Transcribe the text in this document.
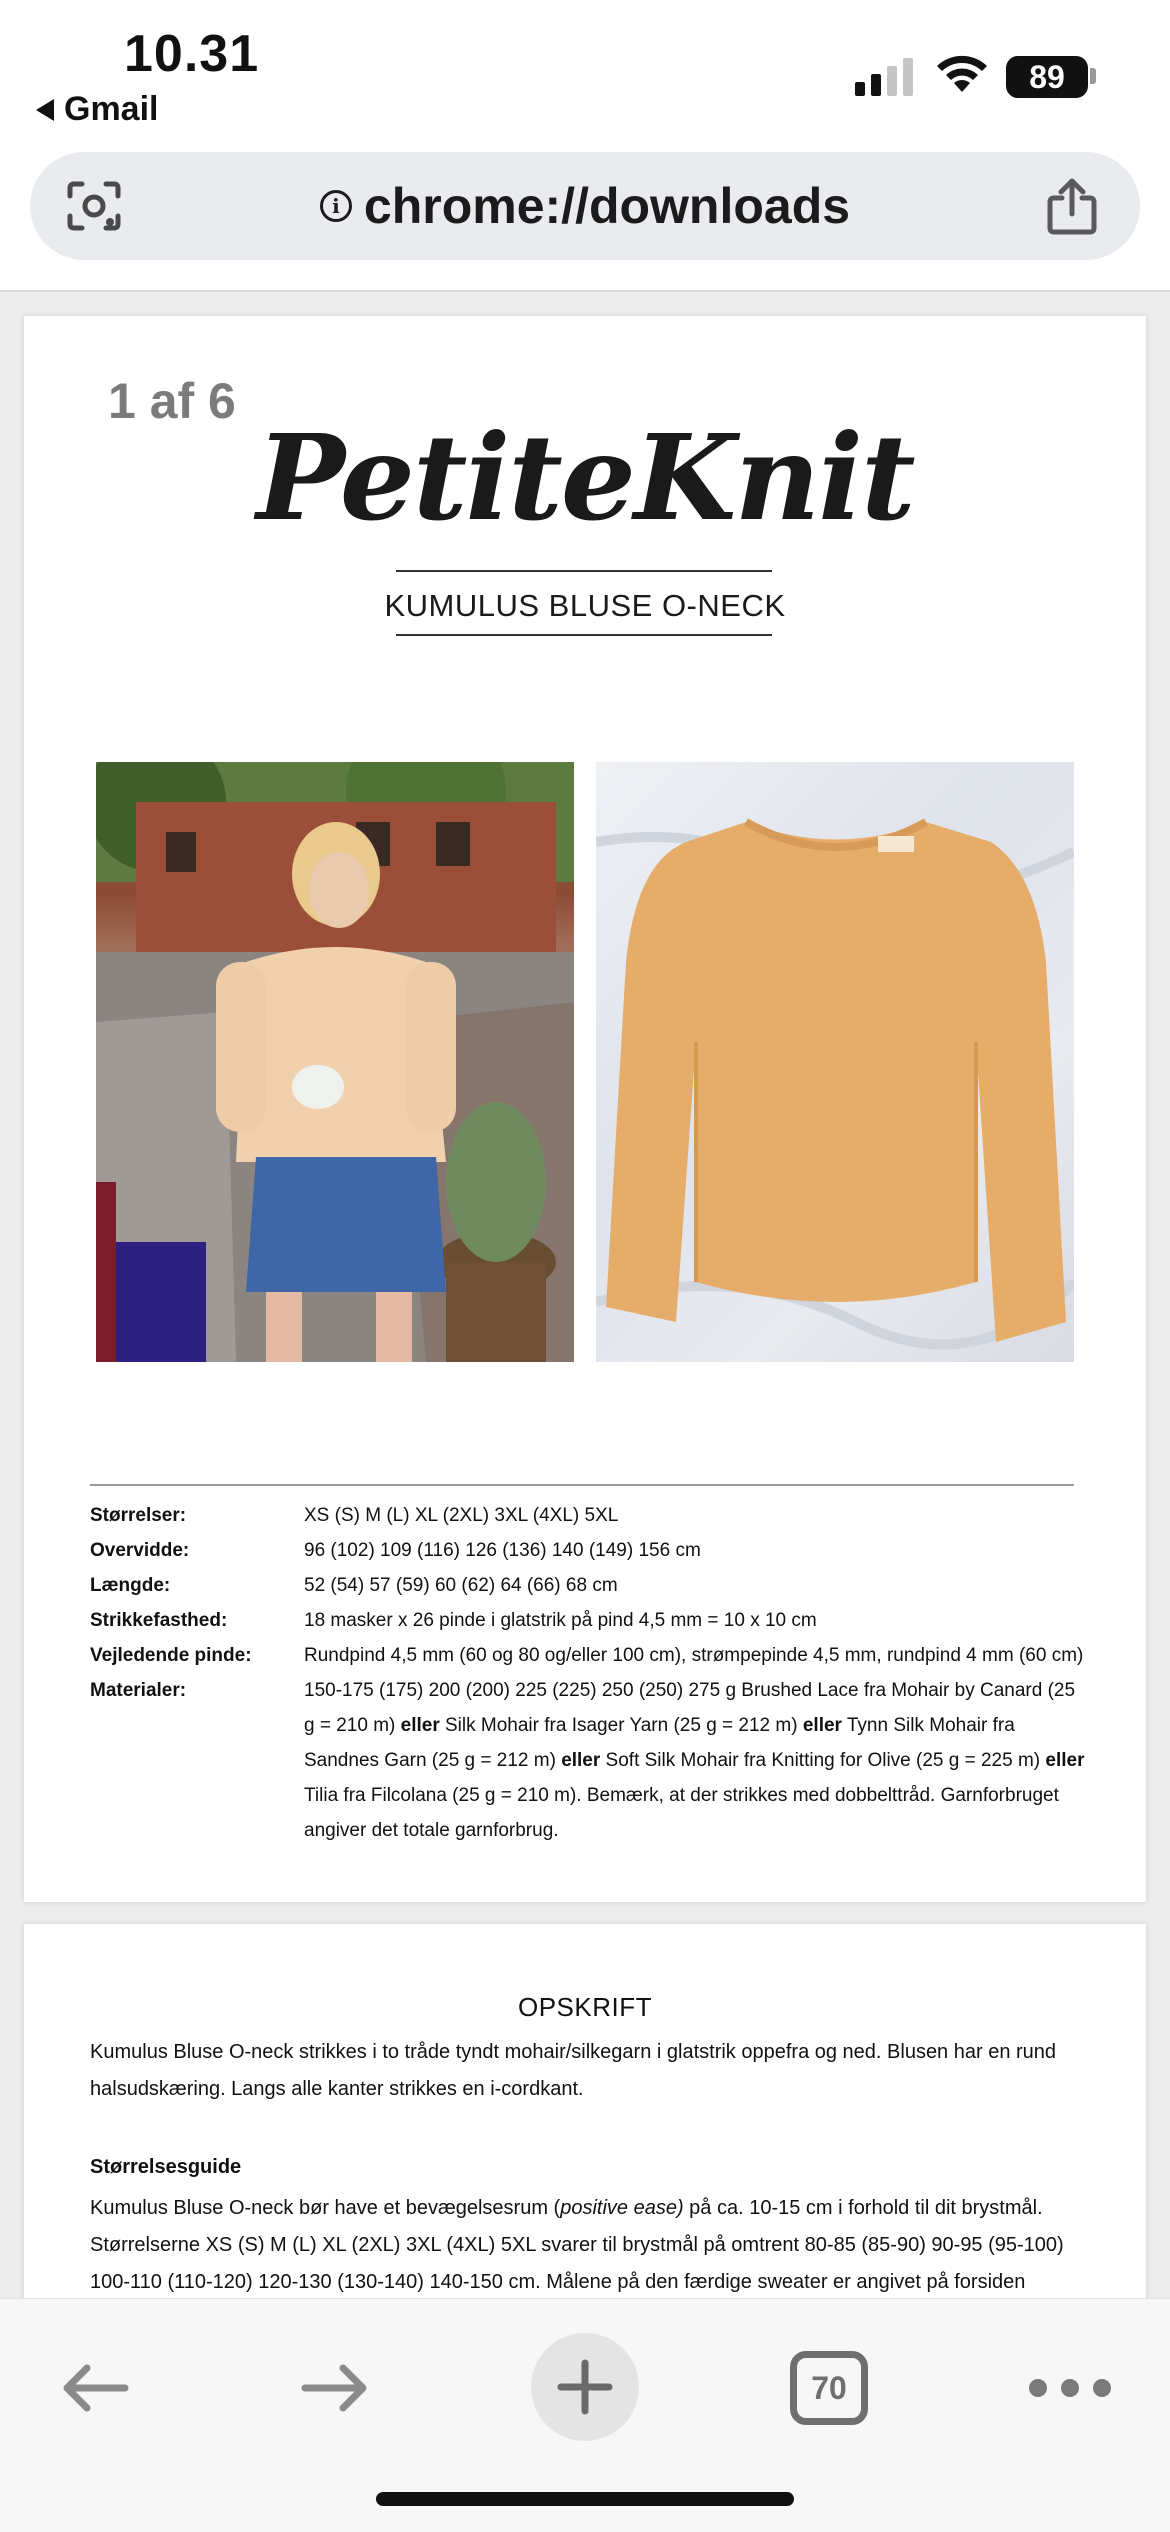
10.31
Gmail
89
i chrome://downloads
1 af 6
PetiteKnit
KUMULUS BLUSE O-NECK
Størrelser:	XS (S) M (L) XL (2XL) 3XL (4XL) 5XL
Overvidde:	96 (102) 109 (116) 126 (136) 140 (149) 156 cm
Længde:	52 (54) 57 (59) 60 (62) 64 (66) 68 cm
Strikkefasthed:	18 masker x 26 pinde i glatstrik på pind 4,5 mm = 10 x 10 cm
Vejledende pinde:	Rundpind 4,5 mm (60 og 80 og/eller 100 cm), strømpepinde 4,5 mm, rundpind 4 mm (60 cm)
Materialer:	150-175 (175) 200 (200) 225 (225) 250 (250) 275 g Brushed Lace fra Mohair by Canard (25 g = 210 m) eller Silk Mohair fra Isager Yarn (25 g = 212 m) eller Tynn Silk Mohair fra Sandnes Garn (25 g = 212 m) eller Soft Silk Mohair fra Knitting for Olive (25 g = 225 m) eller Tilia fra Filcolana (25 g = 210 m). Bemærk, at der strikkes med dobbelttråd. Garnforbruget angiver det totale garnforbrug.
OPSKRIFT
Kumulus Bluse O-neck strikkes i to tråde tyndt mohair/silkegarn i glatstrik oppefra og ned. Blusen har en rund halsudskæring. Langs alle kanter strikkes en i-cordkant.
Størrelsesguide
Kumulus Bluse O-neck bør have et bevægelsesrum (positive ease) på ca. 10-15 cm i forhold til dit brystmål. Størrelserne XS (S) M (L) XL (2XL) 3XL (4XL) 5XL svarer til brystmål på omtrent 80-85 (85-90) 90-95 (95-100) 100-110 (110-120) 120-130 (130-140) 140-150 cm. Målene på den færdige sweater er angivet på forsiden
70
